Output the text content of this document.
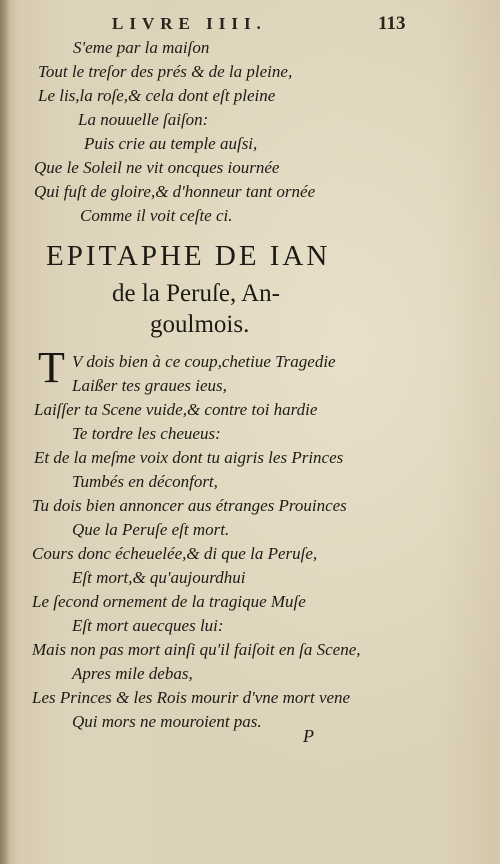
LIVRE IIII.	113
S'eme par la maiſon
Tout le treſor des prés & de la pleine,
Le lis,la roſe,& cela dont eſt pleine
La nouuelle ſaiſon:
Puis crie au temple auſsi,
Que le Soleil ne vit oncques iournée
Qui fuſt de gloire,& d'honneur tant ornée
Comme il voit ceſte ci.
EPITAPHE DE IAN
de la Peruſe, An-
goulmois.
T V dois bien à ce coup,chetiue Tragedie
Laißer tes graues ieus,
Laiſſer ta Scene vuide,& contre toi hardie
Te tordre les cheueus:
Et de la meſme voix dont tu aigris les Princes
Tumbés en déconfort,
Tu dois bien annoncer aus étranges Prouinces
Que la Peruſe eſt mort.
Cours donc écheuelée,& di que la Peruſe,
Eſt mort,& qu'aujourdhui
Le ſecond ornement de la tragique Muſe
Eſt mort auecques lui:
Mais non pas mort ainſi qu'il faiſoit en ſa Scene,
Apres mile debas,
Les Princes & les Rois mourir d'vne mort vene
Qui mors ne mouroient pas.
P
